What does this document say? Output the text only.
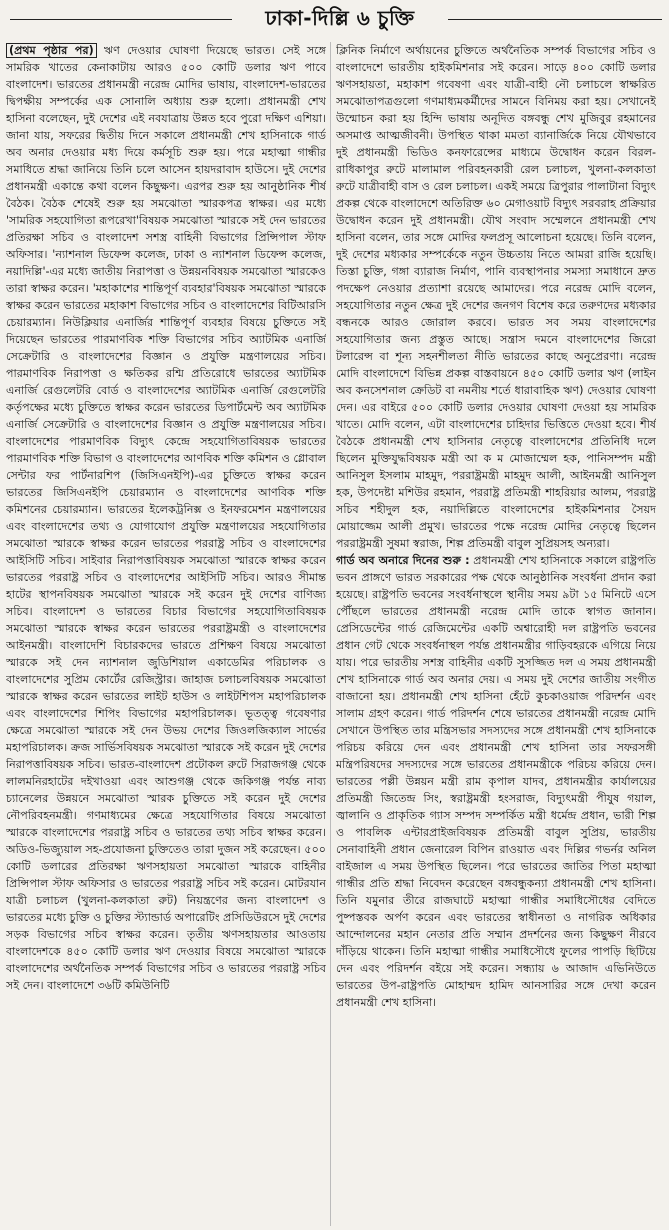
ঢাকা-দিল্লি ৬ চুক্তি

(প্রথম পৃষ্ঠার পর) ঋণ দেওয়ার ঘোষণা দিয়েছে ভারত। সেই সঙ্গে সামরিক খাতের কেনাকাটায় আরও ৫০০ কোটি ডলার ঋণ পাবে বাংলাদেশ। ভারতের প্রধানমন্ত্রী নরেন্দ্র মোদির ভাষায়, বাংলাদেশ-ভারতের দ্বিপক্ষীয় সম্পর্কের এক সোনালি অধ্যায় শুরু হলো। প্রধানমন্ত্রী শেখ হাসিনা বলেছেন, দুই দেশের এই নবযাত্রায় উন্নত হবে পুরো দক্ষিণ এশিয়া। জানা যায়, সফরের দ্বিতীয় দিনে সকালে প্রধানমন্ত্রী শেখ হাসিনাকে গার্ড অব অনার দেওয়ার মধ্য দিয়ে কর্মসূচি শুরু হয়। পরে মহাত্মা গান্ধীর সমাধিতে শ্রদ্ধা জানিয়ে তিনি চলে আসেন হায়দরাবাদ হাউসে। দুই দেশের প্রধানমন্ত্রী একান্তে কথা বলেন কিছুক্ষণ। এরপর শুরু হয় আনুষ্ঠানিক শীর্ষ বৈঠক। বৈঠক শেষেই শুরু হয় সমঝোতা স্মারকপত্র স্বাক্ষর। এর মধ্যে 'সামরিক সহযোগিতা রূপরেখা'বিষয়ক সমঝোতা স্মারকে সই দেন ভারতের প্রতিরক্ষা সচিব ও বাংলাদেশ সশস্ত্র বাহিনী বিভাগের প্রিন্সিপাল স্টাফ অফিসার। 'ন্যাশনাল ডিফেন্স কলেজ, ঢাকা ও ন্যাশনাল ডিফেন্স কলেজ, নয়াদিল্লি'-এর মধ্যে জাতীয় নিরাপত্তা ও উন্নয়নবিষয়ক সমঝোতা স্মারকেও তারা স্বাক্ষর করেন। 'মহাকাশের শান্তিপূর্ণ ব্যবহার'বিষয়ক সমঝোতা স্মারকে স্বাক্ষর করেন ভারতের মহাকাশ বিভাগের সচিব ও বাংলাদেশের বিটিআরসি চেয়ারম্যান। নিউক্লিয়ার এনার্জির শান্তিপূর্ণ ব্যবহার বিষয়ে চুক্তিতে সই দিয়েছেন ভারতের পারমাণবিক শক্তি বিভাগের সচিব অ্যাটমিক এনার্জি সেক্রেটারি ও বাংলাদেশের বিজ্ঞান ও প্রযুক্তি মন্ত্রণালয়ের সচিব। পারমাণবিক নিরাপত্তা ও ক্ষতিকর রশ্মি প্রতিরোধে ভারতের অ্যাটমিক এনার্জি রেগুলেটরি বোর্ড ও বাংলাদেশের অ্যাটমিক এনার্জি রেগুলেটরি কর্তৃপক্ষের মধ্যে চুক্তিতে স্বাক্ষর করেন ভারতের ডিপার্টমেন্ট অব অ্যাটমিক এনার্জি সেক্রেটারি ও বাংলাদেশের বিজ্ঞান ও প্রযুক্তি মন্ত্রণালয়ের সচিব। বাংলাদেশের পারমাণবিক বিদ্যুৎ কেন্দ্রে সহযোগিতাবিষয়ক ভারতের পারমাণবিক শক্তি বিভাগ ও বাংলাদেশের আণবিক শক্তি কমিশন ও গ্লোবাল সেন্টার ফর পার্টনারশিপ (জিসিএনইপি)-এর চুক্তিতে স্বাক্ষর করেন ভারতের জিসিএনইপি চেয়ারম্যান ও বাংলাদেশের আণবিক শক্তি কমিশনের চেয়ারম্যান। ভারতের ইলেকট্রনিক্স ও ইনফরমেশন মন্ত্রণালয়ের এবং বাংলাদেশের তথ্য ও যোগাযোগ প্রযুক্তি মন্ত্রণালয়ের সহযোগিতার সমঝোতা স্মারকে স্বাক্ষর করেন ভারতের পররাষ্ট্র সচিব ও বাংলাদেশের আইসিটি সচিব। সাইবার নিরাপত্তাবিষয়ক সমঝোতা স্মারকে স্বাক্ষর করেন ভারতের পররাষ্ট্র সচিব ও বাংলাদেশের আইসিটি সচিব। আরও সীমান্ত হাটের স্থাপনবিষয়ক সমঝোতা স্মারকে সই করেন দুই দেশের বাণিজ্য সচিব। বাংলাদেশ ও ভারতের বিচার বিভাগের সহযোগিতাবিষয়ক সমঝোতা স্মারকে স্বাক্ষর করেন ভারতের পররাষ্ট্রমন্ত্রী ও বাংলাদেশের আইনমন্ত্রী। বাংলাদেশি বিচারকদের ভারতে প্রশিক্ষণ বিষয়ে সমঝোতা স্মারকে সই দেন ন্যাশনাল জুডিশিয়াল একাডেমির পরিচালক ও বাংলাদেশের সুপ্রিম কোর্টের রেজিস্ট্রার। জাহাজ চলাচলবিষয়ক সমঝোতা স্মারকে স্বাক্ষর করেন ভারতের লাইট হাউস ও লাইটশিপস মহাপরিচালক এবং বাংলাদেশের শিপিং বিভাগের মহাপরিচালক। ভূতত্ত্ব গবেষণার ক্ষেত্রে সমঝোতা স্মারকে সই দেন উভয় দেশের জিওলজিক্যাল সার্ভের মহাপরিচালক। ক্রজ সার্ভিসবিষয়ক সমঝোতা স্মারকে সই করেন দুই দেশের নিরাপত্তাবিষয়ক সচিব। ভারত-বাংলাদেশ প্রটোকল রুটে সিরাজগঞ্জ থেকে লালমনিরহাটের দইখাওয়া এবং আশুগঞ্জ থেকে জকিগঞ্জ পর্যন্ত নাব্য চ্যানেলের উন্নয়নে সমঝোতা স্মারক চুক্তিতে সই করেন দুই দেশের নৌপরিবহনমন্ত্রী। গণমাধ্যমের ক্ষেত্রে সহযোগিতার বিষয়ে সমঝোতা স্মারকে বাংলাদেশের পররাষ্ট্র সচিব ও ভারতের তথ্য সচিব স্বাক্ষর করেন। অডিও-ভিজ্যুয়াল সহ-প্রযোজনা চুক্তিতেও তারা দুজন সই করেছেন। ৫০০ কোটি ডলারের প্রতিরক্ষা ঋণসহায়তা সমঝোতা স্মারকে বাহিনীর প্রিন্সিপাল স্টাফ অফিসার ও ভারতের পররাষ্ট্র সচিব সই করেন। মোটরযান যাত্রী চলাচল (খুলনা-কলকাতা রুট) নিয়ন্ত্রণের জন্য বাংলাদেশ ও ভারতের মধ্যে চুক্তি ও চুক্তির স্ট্যান্ডার্ড অপারেটিং প্রসিডিউরসে দুই দেশের সড়ক বিভাগের সচিব স্বাক্ষর করেন। তৃতীয় ঋণসহায়তার আওতায় বাংলাদেশকে ৪৫০ কোটি ডলার ঋণ দেওয়ার বিষয়ে সমঝোতা স্মারকে বাংলাদেশের অর্থনৈতিক সম্পর্ক বিভাগের সচিব ও ভারতের পররাষ্ট্র সচিব সই দেন। বাংলাদেশে ৩৬টি কমিউনিটি

ক্লিনিক নির্মাণে অর্থায়নের চুক্তিতে অর্থনৈতিক সম্পর্ক বিভাগের সচিব ও বাংলাদেশে ভারতীয় হাইকমিশনার সই করেন। সাড়ে ৪০০ কোটি ডলার ঋণসহায়তা, মহাকাশ গবেষণা এবং যাত্রী-বাহী নৌ চলাচলে স্বাক্ষরিত সমঝোতাপত্রগুলো গণমাধ্যমকর্মীদের সামনে বিনিময় করা হয়। সেখানেই উন্মোচন করা হয় হিন্দি ভাষায় অনূদিত বঙ্গবন্ধু শেখ মুজিবুর রহমানের অসমাপ্ত আত্মজীবনী। উপস্থিত থাকা মমতা ব্যানার্জিকে নিয়ে যৌথভাবে দুই প্রধানমন্ত্রী ভিডিও কনফারেন্সের মাধ্যমে উদ্বোধন করেন বিরল-রাধিকাপুর রুটে মালামাল পরিবহনকারী রেল চলাচল, খুলনা-কলকাতা রুটে যাত্রীবাহী বাস ও রেল চলাচল। একই সময়ে ত্রিপুরার পালাটানা বিদ্যুৎ প্রকল্প থেকে বাংলাদেশে অতিরিক্ত ৬০ মেগাওয়াট বিদ্যুৎ সরবরাহ প্রক্রিয়ার উদ্বোধন করেন দুই প্রধানমন্ত্রী। যৌথ সংবাদ সম্মেলনে প্রধানমন্ত্রী শেখ হাসিনা বলেন, তার সঙ্গে মোদির ফলপ্রসূ আলোচনা হয়েছে। তিনি বলেন, দুই দেশের মধ্যকার সম্পর্কেকে নতুন উচ্চতায় নিতে আমরা রাজি হয়েছি। তিস্তা চুক্তি, গঙ্গা ব্যারাজ নির্মাণ, পানি ব্যবস্থাপনার সমস্যা সমাধানে দ্রুত পদক্ষেপ নেওয়ার প্রত্যাশা রয়েছে আমাদের। পরে নরেন্দ্র মোদি বলেন, সহযোগিতার নতুন ক্ষেত্র দুই দেশের জনগণ বিশেষ করে তরুণদের মধ্যকার বন্ধনকে আরও জোরাল করবে। ভারত সব সময় বাংলাদেশের সহযোগিতার জন্য প্রস্তুত আছে। সন্ত্রাস দমনে বাংলাদেশের জিরো টলারেন্স বা শূন্য সহনশীলতা নীতি ভারতের কাছে অনুপ্রেরণা। নরেন্দ্র মোদি বাংলাদেশে বিভিন্ন প্রকল্প বাস্তবায়নে ৪৫০ কোটি ডলার ঋণ (লাইন অব কনসেশনাল ক্রেডিট বা নমনীয় শর্তে ধারাবাহিক ঋণ) দেওয়ার ঘোষণা দেন। এর বাইরে ৫০০ কোটি ডলার দেওয়ার ঘোষণা দেওয়া হয় সামরিক খাতে। মোদি বলেন, এটা বাংলাদেশের চাহিদার ভিত্তিতে দেওয়া হবে। শীর্ষ বৈঠকে প্রধানমন্ত্রী শেখ হাসিনার নেতৃত্বে বাংলাদেশের প্রতিনিধি দলে ছিলেন মুক্তিযুদ্ধবিষয়ক মন্ত্রী আ ক ম মোজাম্মেল হক, পানিসম্পদ মন্ত্রী আনিসুল ইসলাম মাহমুদ, পররাষ্ট্রমন্ত্রী মাহমুদ আলী, আইনমন্ত্রী আনিসুল হক, উপদেষ্টা মশিউর রহমান, পররাষ্ট্র প্রতিমন্ত্রী শাহরিয়ার আলম, পররাষ্ট্র সচিব শহীদুল হক, নয়াদিল্লিতে বাংলাদেশের হাইকমিশনার সৈয়দ মোয়াজ্জেম আলী প্রমুখ। ভারতের পক্ষে নরেন্দ্র মোদির নেতৃত্বে ছিলেন পররাষ্ট্রমন্ত্রী সুষমা স্বরাজ, শিল্প প্রতিমন্ত্রী বাবুল সুপ্রিয়সহ অন্যরা।

গার্ড অব অনারে দিনের শুরু : প্রধানমন্ত্রী শেখ হাসিনাকে সকালে রাষ্ট্রপতি ভবন প্রাঙ্গণে ভারত সরকারের পক্ষ থেকে আনুষ্ঠানিক সংবর্ধনা প্রদান করা হয়েছে। রাষ্ট্রপতি ভবনের সংবর্ধনাস্থলে স্থানীয় সময় ৯টা ১৫ মিনিটে এসে পৌঁছলে ভারতের প্রধানমন্ত্রী নরেন্দ্র মোদি তাকে স্বাগত জানান। প্রেসিডেন্টের গার্ড রেজিমেন্টের একটি অশ্বারোহী দল রাষ্ট্রপতি ভবনের প্রধান গেট থেকে সংবর্ধনাস্থল পর্যন্ত প্রধানমন্ত্রীর গাড়িবহরকে এগিয়ে নিয়ে যায়। পরে ভারতীয় সশস্ত্র বাহিনীর একটি সুসজ্জিত দল এ সময় প্রধানমন্ত্রী শেখ হাসিনাকে গার্ড অব অনার দেয়। এ সময় দুই দেশের জাতীয় সংগীত বাজানো হয়। প্রধানমন্ত্রী শেখ হাসিনা হেঁটে কুচকাওয়াজ পরিদর্শন এবং সালাম গ্রহণ করেন। গার্ড পরিদর্শন শেষে ভারতের প্রধানমন্ত্রী নরেন্দ্র মোদি সেখানে উপস্থিত তার মন্ত্রিসভার সদস্যদের সঙ্গে প্রধানমন্ত্রী শেখ হাসিনাকে পরিচয় করিয়ে দেন এবং প্রধানমন্ত্রী শেখ হাসিনা তার সফরসঙ্গী মন্ত্রিপরিষদের সদস্যদের সঙ্গে ভারতের প্রধানমন্ত্রীকে পরিচয় করিয়ে দেন। ভারতের পল্লী উন্নয়ন মন্ত্রী রাম কৃপাল যাদব, প্রধানমন্ত্রীর কার্যালয়ের প্রতিমন্ত্রী জিতেন্দ্র সিং, স্বরাষ্ট্রমন্ত্রী হংসরাজ, বিদ্যুৎমন্ত্রী পীযুষ গয়াল, জ্বালানি ও প্রাকৃতিক গ্যাস সম্পদ সম্পর্কিত মন্ত্রী ধর্মেন্দ্র প্রধান, ভারী শিল্প ও পাবলিক এন্টারপ্রাইজবিষয়ক প্রতিমন্ত্রী বাবুল সুপ্রিয়, ভারতীয় সেনাবাহিনী প্রধান জেনারেল বিপিন রাওয়াত এবং দিল্লির গভর্নর অনিল বাইজাল এ সময় উপস্থিত ছিলেন। পরে ভারতের জাতির পিতা মহাত্মা গান্ধীর প্রতি শ্রদ্ধা নিবেদন করেছেন বঙ্গবন্ধুকন্যা প্রধানমন্ত্রী শেখ হাসিনা। তিনি যমুনার তীরে রাজঘাটে মহাত্মা গান্ধীর সমাধিসৌধের বেদিতে পুষ্পস্তবক অর্পণ করেন এবং ভারতের স্বাধীনতা ও নাগরিক অধিকার আন্দোলনের মহান নেতার প্রতি সম্মান প্রদর্শনের জন্য কিছুক্ষণ নীরবে দাঁড়িয়ে থাকেন। তিনি মহাত্মা গান্ধীর সমাধিসৌধে ফুলের পাপড়ি ছিটিয়ে দেন এবং পরিদর্শন বইয়ে সই করেন। সন্ধ্যায় ৬ আজাদ এভিনিউতে ভারতের উপ-রাষ্ট্রপতি মোহাম্মদ হামিদ আনসারির সঙ্গে দেখা করেন প্রধানমন্ত্রী শেখ হাসিনা।
